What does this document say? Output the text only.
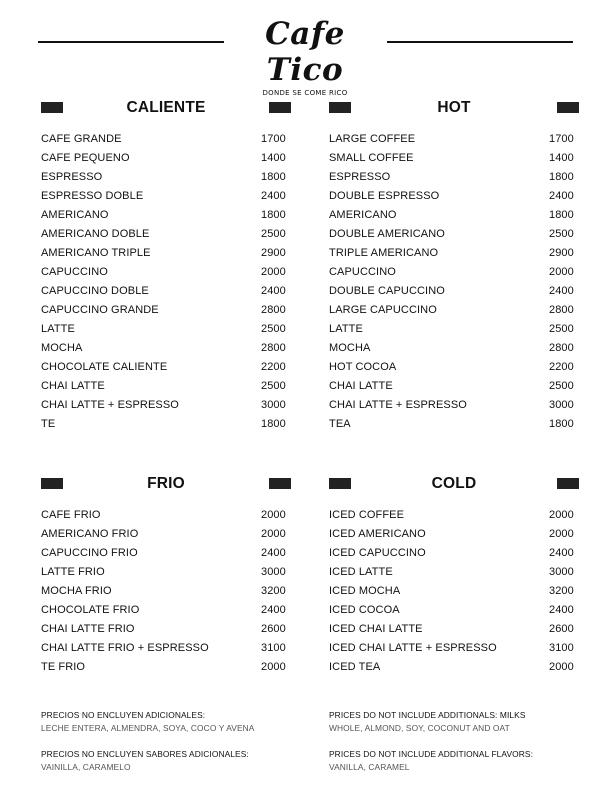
Cafe Tico
DONDE SE COME RICO
CALIENTE
CAFE GRANDE	1700
CAFE PEQUENO	1400
ESPRESSO	1800
ESPRESSO DOBLE	2400
AMERICANO	1800
AMERICANO DOBLE	2500
AMERICANO TRIPLE	2900
CAPUCCINO	2000
CAPUCCINO DOBLE	2400
CAPUCCINO GRANDE	2800
LATTE	2500
MOCHA	2800
CHOCOLATE CALIENTE	2200
CHAI LATTE	2500
CHAI LATTE + ESPRESSO	3000
TE	1800
HOT
LARGE COFFEE	1700
SMALL COFFEE	1400
ESPRESSO	1800
DOUBLE ESPRESSO	2400
AMERICANO	1800
DOUBLE AMERICANO	2500
TRIPLE AMERICANO	2900
CAPUCCINO	2000
DOUBLE CAPUCCINO	2400
LARGE CAPUCCINO	2800
LATTE	2500
MOCHA	2800
HOT COCOA	2200
CHAI LATTE	2500
CHAI LATTE + ESPRESSO	3000
TEA	1800
FRIO
CAFE FRIO	2000
AMERICANO FRIO	2000
CAPUCCINO FRIO	2400
LATTE FRIO	3000
MOCHA FRIO	3200
CHOCOLATE FRIO	2400
CHAI LATTE FRIO	2600
CHAI LATTE FRIO + ESPRESSO	3100
TE FRIO	2000
COLD
ICED COFFEE	2000
ICED AMERICANO	2000
ICED CAPUCCINO	2400
ICED LATTE	3000
ICED MOCHA	3200
ICED COCOA	2400
ICED CHAI LATTE	2600
ICED CHAI LATTE + ESPRESSO	3100
ICED TEA	2000
PRECIOS NO ENCLUYEN ADICIONALES:
LECHE ENTERA, ALMENDRA, SOYA, COCO Y AVENA
PRECIOS NO ENCLUYEN SABORES ADICIONALES:
VAINILLA, CARAMELO
PRICES DO NOT INCLUDE ADDITIONALS: MILKS
WHOLE, ALMOND, SOY, COCONUT AND OAT
PRICES DO NOT INCLUDE ADDITIONAL FLAVORS:
VANILLA, CARAMEL
